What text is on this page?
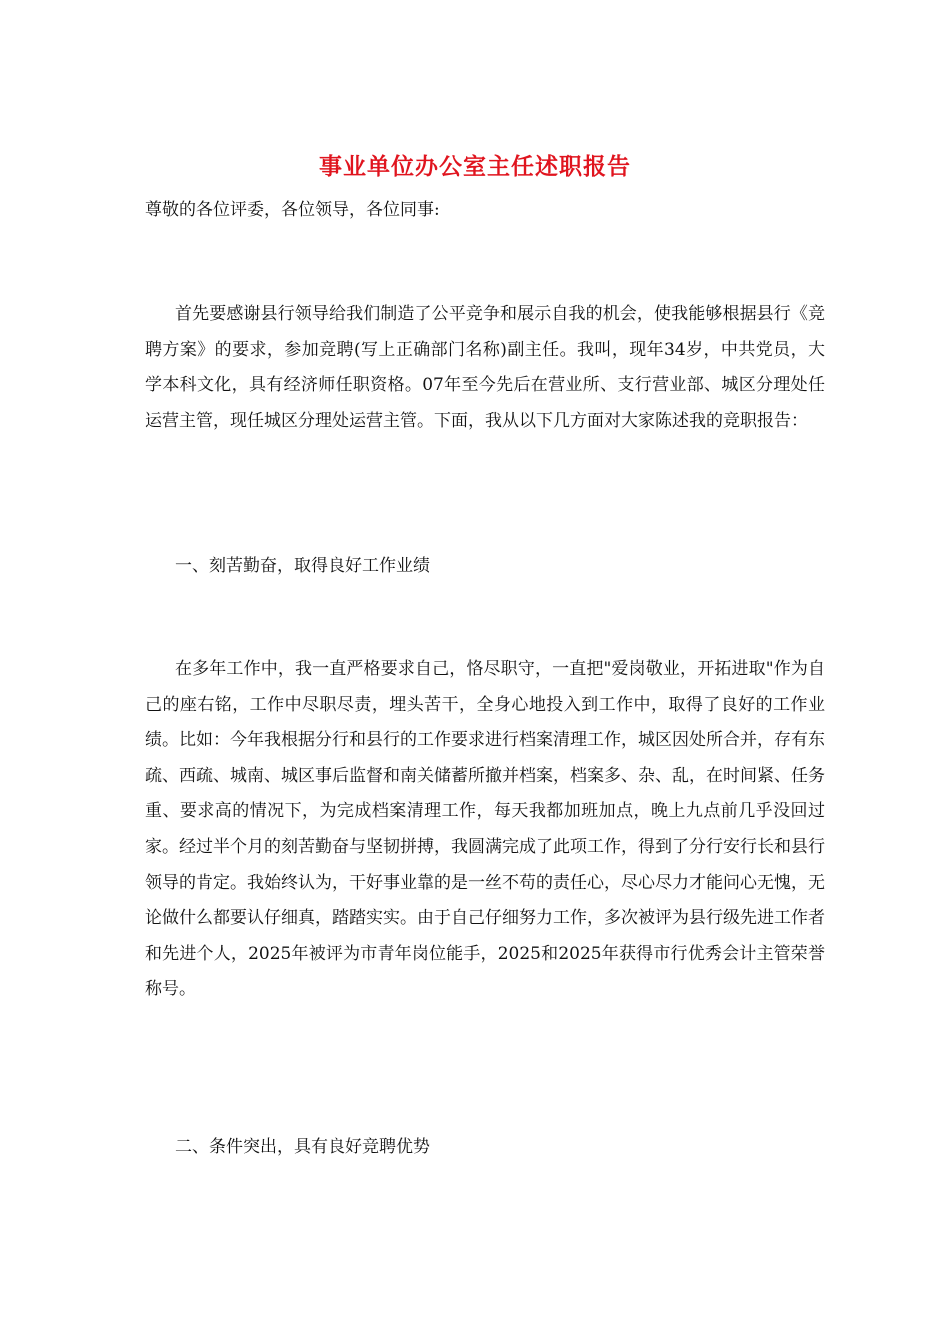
事业单位办公室主任述职报告
尊敬的各位评委，各位领导，各位同事:
首先要感谢县行领导给我们制造了公平竞争和展示自我的机会，使我能够根据县行《竞聘方案》的要求，参加竞聘(写上正确部门名称)副主任。我叫，现年34岁，中共党员，大学本科文化，具有经济师任职资格。07年至今先后在营业所、支行营业部、城区分理处任运营主管，现任城区分理处运营主管。下面，我从以下几方面对大家陈述我的竞职报告：
一、刻苦勤奋，取得良好工作业绩
在多年工作中，我一直严格要求自己，恪尽职守，一直把"爱岗敬业，开拓进取"作为自己的座右铭，工作中尽职尽责，埋头苦干，全身心地投入到工作中，取得了良好的工作业绩。比如：今年我根据分行和县行的工作要求进行档案清理工作，城区因处所合并，存有东疏、西疏、城南、城区事后监督和南关储蓄所撤并档案，档案多、杂、乱，在时间紧、任务重、要求高的情况下，为完成档案清理工作，每天我都加班加点，晚上九点前几乎没回过家。经过半个月的刻苦勤奋与坚韧拼搏，我圆满完成了此项工作，得到了分行安行长和县行领导的肯定。我始终认为，干好事业靠的是一丝不苟的责任心，尽心尽力才能问心无愧，无论做什么都要认仔细真，踏踏实实。由于自己仔细努力工作，多次被评为县行级先进工作者和先进个人，2025年被评为市青年岗位能手，2025和2025年获得市行优秀会计主管荣誉称号。
二、条件突出，具有良好竞聘优势
